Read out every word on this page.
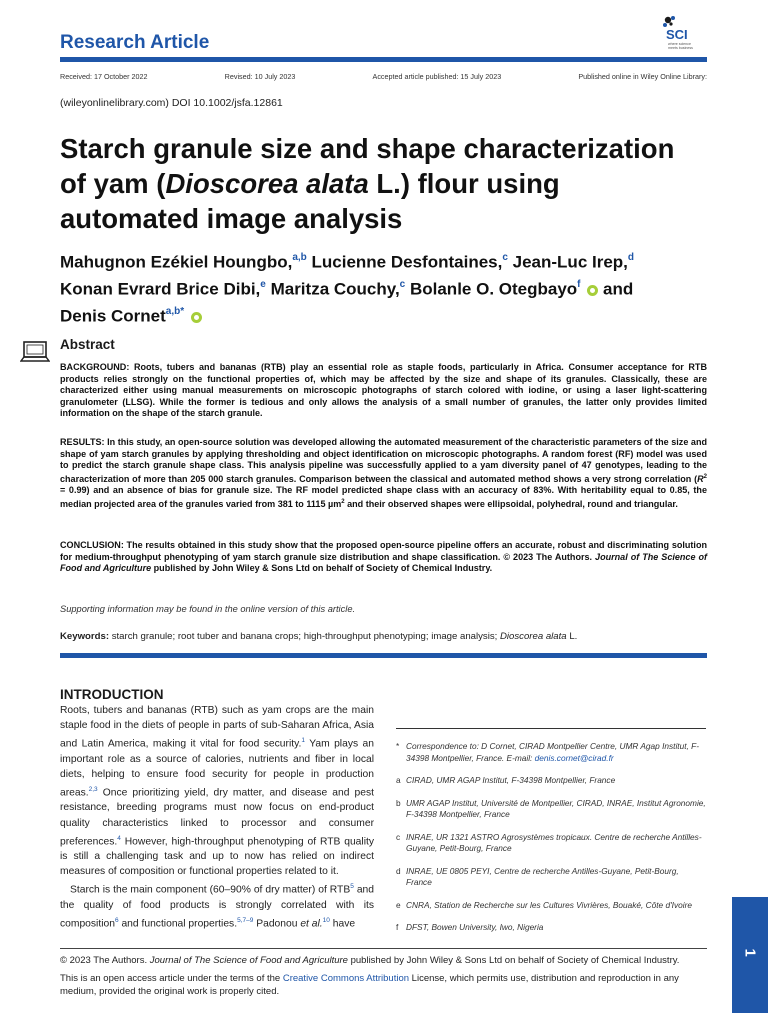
Research Article	SCI
where science
meets business
Received: 17 October 2022	Revised: 10 July 2023	Accepted article published: 15 July 2023	Published online in Wiley Online Library:
(wileyonlinelibrary.com) DOI 10.1002/jsfa.12861
Starch granule size and shape characterization
of yam (Dioscorea alata L.) flour using
automated image analysis
Mahugnon Ezékiel Houngbo,$^{a,b}$ Lucienne Desfontaines,$^c$ Jean-Luc Irep,$^d$
Konan Evrard Brice Dibi,$^e$ Maritza Couchy,$^c$ Bolanle O. Otegbayo$^f$  and
Denis Cornet$^{a,b*}$
Abstract
BACKGROUND: Roots, tubers and bananas (RTB) play an essential role as staple foods, particularly in Africa. Consumer acceptance for RTB products relies strongly on the functional properties of, which may be affected by the size and shape of its granules. Classically, these are characterized either using manual measurements on microscopic photographs of starch colored with iodine, or using a laser light-scattering granulometer (LLSG). While the former is tedious and only allows the analysis of a small number of granules, the latter only provides limited information on the shape of the starch granule.
RESULTS: In this study, an open-source solution was developed allowing the automated measurement of the characteristic parameters of the size and shape of yam starch granules by applying thresholding and object identification on microscopic photographs. A random forest (RF) model was used to predict the starch granule shape class. This analysis pipeline was successfully applied to a yam diversity panel of 47 genotypes, leading to the characterization of more than 205 000 starch granules. Comparison between the classical and automated method shows a very strong correlation $(R^2 = 0.99)$ and an absence of bias for granule size. The RF model predicted shape class with an accuracy of 83%. With heritability equal to 0.85, the median projected area of the granules varied from 381 to 1115 µm$^2$ and their observed shapes were ellipsoidal, polyhedral, round and triangular.
CONCLUSION: The results obtained in this study show that the proposed open-source pipeline offers an accurate, robust and discriminating solution for medium-throughput phenotyping of yam starch granule size distribution and shape classification. © 2023 The Authors. Journal of The Science of Food and Agriculture published by John Wiley & Sons Ltd on behalf of Society of Chemical Industry.
Supporting information may be found in the online version of this article.
Keywords: starch granule; root tuber and banana crops; high-throughput phenotyping; image analysis; Dioscorea alata L.
INTRODUCTION

Roots, tubers and bananas (RTB) such as yam crops are the main staple food in the diets of people in parts of sub-Saharan Africa, Asia and Latin America, making it vital for food security.$^1$ Yam plays an important role as a source of calories, nutrients and fiber in local diets, helping to ensure food security for people in production areas.$^{2,3}$ Once prioritizing yield, dry matter, and disease and pest resistance, breeding programs must now focus on end-product quality characteristics linked to processor and consumer preferences.$^4$ However, high-throughput phenotyping of RTB quality is still a challenging task and up to now has relied on indirect measures of composition or functional properties related to it.

Starch is the main component (60–90% of dry matter) of RTB$^5$ and the quality of food products is strongly correlated with its composition$^6$ and functional properties.$^{5,7-9}$ Padonou et al.$^{10}$ have

* Correspondence to: D Cornet, CIRAD Montpellier Centre, UMR Agap Institut, F-34398 Montpellier, France. E-mail: denis.cornet@cirad.fr
a CIRAD, UMR AGAP Institut, F-34398 Montpellier, France
b UMR AGAP Institut, Université de Montpellier, CIRAD, INRAE, Institut Agronomie, F-34398 Montpellier, France
c INRAE, UR 1321 ASTRO Agrosystèmes tropicaux. Centre de recherche Antilles-Guyane, Petit-Bourg, France
d INRAE, UE 0805 PEYI, Centre de recherche Antilles-Guyane, Petit-Bourg, France
e CNRA, Station de Recherche sur les Cultures Vivrières, Bouaké, Côte d'Ivoire
f DFST, Bowen University, Iwo, Nigeria
© 2023 The Authors. Journal of The Science of Food and Agriculture published by John Wiley & Sons Ltd on behalf of Society of Chemical Industry.
This is an open access article under the terms of the Creative Commons Attribution License, which permits use, distribution and reproduction in any medium, provided the original work is properly cited.
1
